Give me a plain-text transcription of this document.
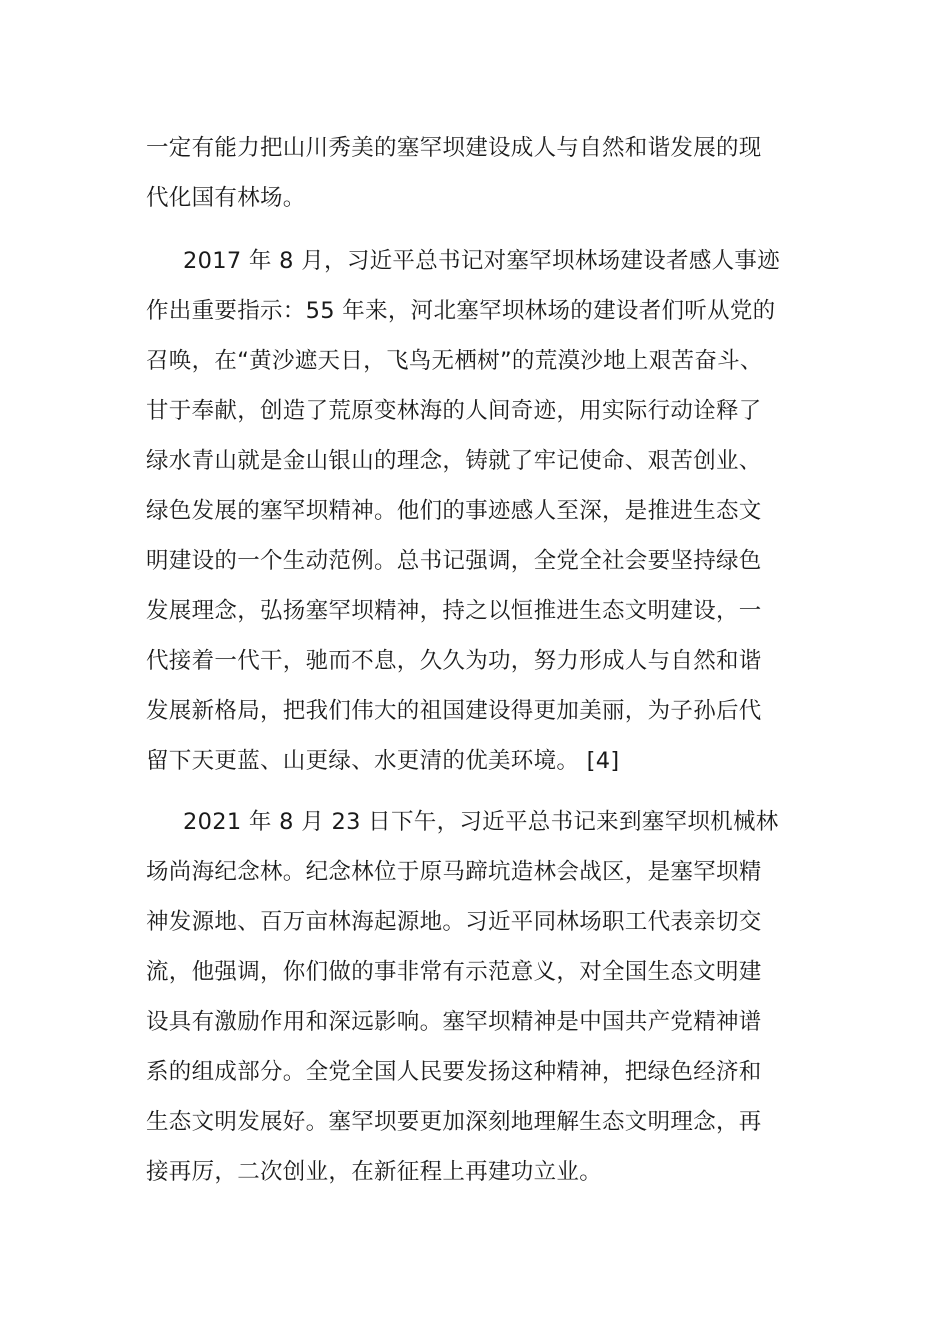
一定有能力把山川秀美的塞罕坝建设成人与自然和谐发展的现
代化国有林场。
2017 年 8 月，习近平总书记对塞罕坝林场建设者感人事迹
作出重要指示：55 年来，河北塞罕坝林场的建设者们听从党的
召唤，在“黄沙遮天日，飞鸟无栖树”的荒漠沙地上艰苦奋斗、
甘于奉献，创造了荒原变林海的人间奇迹，用实际行动诠释了
绿水青山就是金山银山的理念，铸就了牢记使命、艰苦创业、
绿色发展的塞罕坝精神。他们的事迹感人至深，是推进生态文
明建设的一个生动范例。总书记强调，全党全社会要坚持绿色
发展理念，弘扬塞罕坝精神，持之以恒推进生态文明建设，一
代接着一代干，驰而不息，久久为功，努力形成人与自然和谐
发展新格局，把我们伟大的祖国建设得更加美丽，为子孙后代
留下天更蓝、山更绿、水更清的优美环境。 [4]
2021 年 8 月 23 日下午，习近平总书记来到塞罕坝机械林
场尚海纪念林。纪念林位于原马蹄坑造林会战区，是塞罕坝精
神发源地、百万亩林海起源地。习近平同林场职工代表亲切交
流，他强调，你们做的事非常有示范意义，对全国生态文明建
设具有激励作用和深远影响。塞罕坝精神是中国共产党精神谱
系的组成部分。全党全国人民要发扬这种精神，把绿色经济和
生态文明发展好。塞罕坝要更加深刻地理解生态文明理念，再
接再厉，二次创业，在新征程上再建功立业。
